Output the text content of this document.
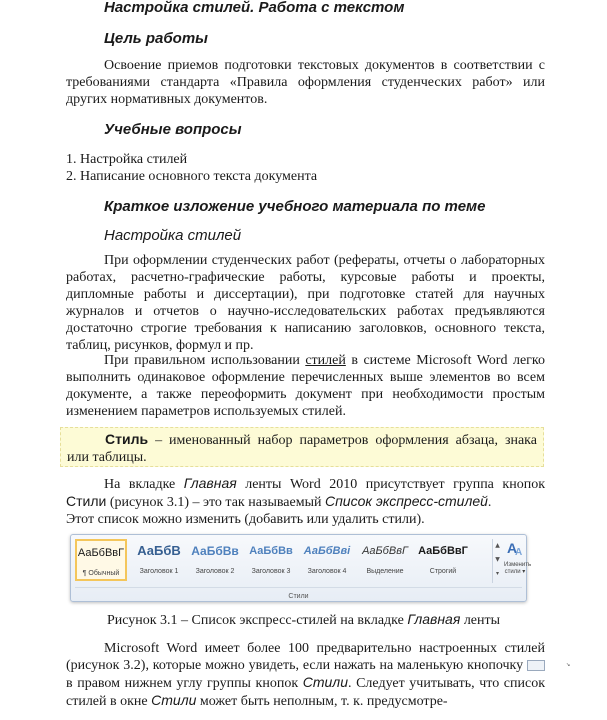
Настройка стилей. Работа с текстом
Цель работы

Освоение приемов подготовки текстовых документов в соответствии с требованиями стандарта «Правила оформления студенческих работ» или других нормативных документов.

Учебные вопросы

1. Настройка стилей

2. Написание основного текста документа

Краткое изложение учебного материала по теме
Настройка стилей

При оформлении студенческих работ (рефераты, отчеты о лабораторных работах, расчетно-графические работы, курсовые работы и проекты, дипломные работы и диссертации), при подготовке статей для научных журналов и отчетов о научно-исследовательских работах предъявляются достаточно строгие требования к написанию заголовков, основного текста, таблиц, рисунков, формул и пр.

При правильном использовании стилей в системе Microsoft Word легко выполнить одинаковое оформление перечисленных выше элементов во всем документе, а также переоформить документ при необходимости простым изменением параметров используемых стилей.

Стиль – именованный набор параметров оформления абзаца, знака или таблицы.

На вкладке Главная ленты Word 2010 присутствует группа кнопок Стили (рисунок 3.1) – это так называемый Список экспресс-стилей.
Этот список можно изменить (добавить или удалить стили).

АаБбВвГ
¶ Обычный
АаБбВ
Заголовок 1
АаБбВв
Заголовок 2
АаБбВв
Заголовок 3
АаБбВві
Заголовок 4
АаБбВвГ
Выделение
АаБбВвГ
Строгий
▲
▼
▾
A
A
Изменить
стили ▾
Стили

Рисунок 3.1 – Список экспресс-стилей на вкладке Главная ленты

Microsoft Word имеет более 100 предварительно настроенных стилей (рисунок 3.2), которые можно увидеть, если нажать на маленькую кнопочку	↘ в правом нижнем углу группы кнопок Стили. Следует учитывать, что список стилей в окне Стили может быть неполным, т. к. предусмотре-
